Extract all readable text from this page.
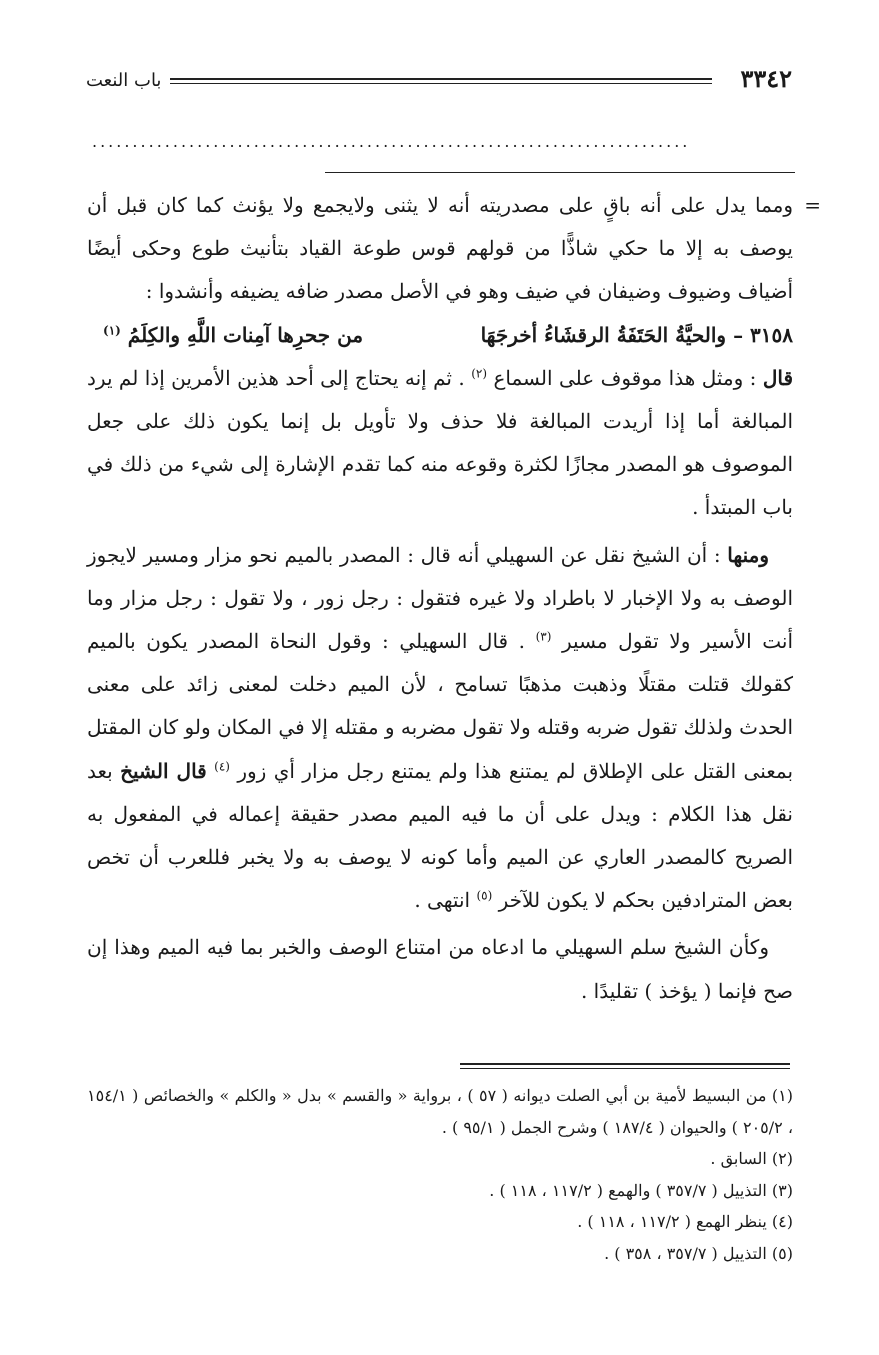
٣٣٤٢
باب النعت
..........................................................................
=

ومما يدل على أنه باقٍ على مصدريته أنه لا يثنى ولايجمع ولا يؤنث كما كان قبل أن يوصف به إلا ما حكي شاذًّا من قولهم قوس طوعة القياد بتأنيث طوع وحكى أيضًا أضياف وضيوف وضيفان في ضيف وهو في الأصل مصدر ضافه يضيفه وأنشدوا :

٣١٥٨ – والحيَّةُ الحَتَفَةُ الرقشَاءُ أخرجَهَا
من جحرِها آمِنات اللَّهِ والكِلَمُ $^{(١)}$

قال : ومثل هذا موقوف على السماع $^{(٢)}$ . ثم إنه يحتاج إلى أحد هذين الأمرين إذا لم يرد المبالغة أما إذا أريدت المبالغة فلا حذف ولا تأويل بل إنما يكون ذلك على جعل الموصوف هو المصدر مجازًا لكثرة وقوعه منه كما تقدم الإشارة إلى شيء من ذلك في باب المبتدأ .

ومنها : أن الشيخ نقل عن السهيلي أنه قال : المصدر بالميم نحو مزار ومسير لايجوز الوصف به ولا الإخبار لا باطراد ولا غيره فتقول : رجل زور ، ولا تقول : رجل مزار وما أنت الأسير ولا تقول مسير $^{(٣)}$ . قال السهيلي : وقول النحاة المصدر يكون بالميم كقولك قتلت مقتلًا وذهبت مذهبًا تسامح ، لأن الميم دخلت لمعنى زائد على معنى الحدث ولذلك تقول ضربه وقتله ولا تقول مضربه و مقتله إلا في المكان ولو كان المقتل بمعنى القتل على الإطلاق لم يمتنع هذا ولم يمتنع رجل مزار أي زور $^{(٤)}$ قال الشيخ بعد نقل هذا الكلام : ويدل على أن ما فيه الميم مصدر حقيقة إعماله في المفعول به الصريح كالمصدر العاري عن الميم وأما كونه لا يوصف به ولا يخبر فللعرب أن تخص بعض المترادفين بحكم لا يكون للآخر $^{(٥)}$ انتهى .

وكأن الشيخ سلم السهيلي ما ادعاه من امتناع الوصف والخبر بما فيه الميم وهذا إن صح فإنما ( يؤخذ ) تقليدًا .

(١) من البسيط لأمية بن أبي الصلت ديوانه ( ٥٧ ) ، برواية « والقسم » بدل « والكلم » والخصائص ( ١٥٤/١ ، ٢٠٥/٢ ) والحيوان ( ١٨٧/٤ ) وشرح الجمل ( ٩٥/١ ) .

(٢) السابق .

(٣) التذييل ( ٣٥٧/٧ ) والهمع ( ١١٧/٢ ، ١١٨ ) .

(٤) ينظر الهمع ( ١١٧/٢ ، ١١٨ ) .

(٥) التذييل ( ٣٥٧/٧ ، ٣٥٨ ) .
